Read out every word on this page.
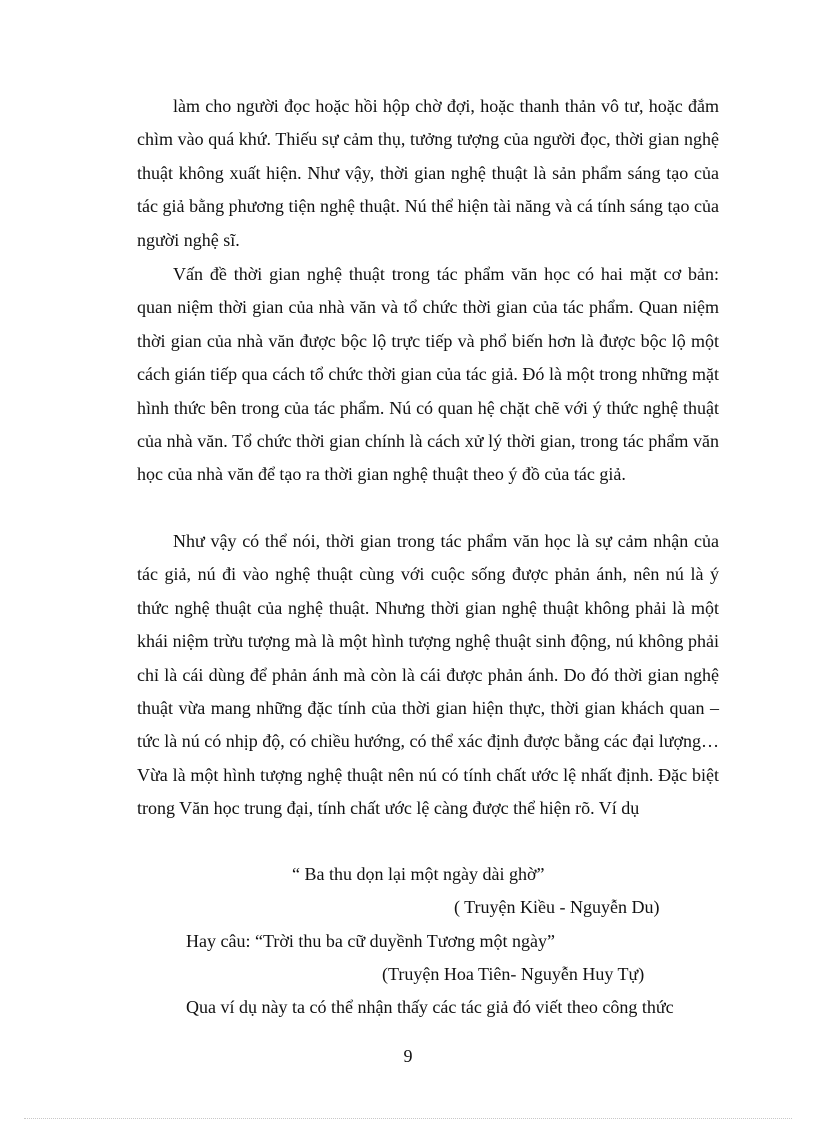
làm cho người đọc hoặc hồi hộp chờ đợi, hoặc thanh thản vô tư, hoặc đắm chìm vào quá khứ. Thiếu sự cảm thụ, tưởng tượng của người đọc, thời gian nghệ thuật không xuất hiện. Như vậy, thời gian nghệ thuật là sản phẩm sáng tạo của tác giả bằng phương tiện nghệ thuật. Nú thể hiện tài năng và cá tính sáng tạo của người nghệ sĩ.

Vấn đề thời gian nghệ thuật trong tác phẩm văn học có hai mặt cơ bản: quan niệm thời gian của nhà văn và tổ chức thời gian của tác phẩm. Quan niệm thời gian của nhà văn được bộc lộ trực tiếp và phổ biến hơn là được bộc lộ một cách gián tiếp qua cách tổ chức thời gian của tác giả. Đó là một trong những mặt hình thức bên trong của tác phẩm. Nú có quan hệ chặt chẽ với ý thức nghệ thuật của nhà văn. Tổ chức thời gian chính là cách xử lý thời gian, trong tác phẩm văn học của nhà văn để tạo ra thời gian nghệ thuật theo ý đồ của tác giả.

Như vậy có thể nói, thời gian trong tác phẩm văn học là sự cảm nhận của tác giả, nú đi vào nghệ thuật cùng với cuộc sống được phản ánh, nên nú là ý thức nghệ thuật của nghệ thuật. Nhưng thời gian nghệ thuật không phải là một khái niệm trừu tượng mà là một hình tượng nghệ thuật sinh động, nú không phải chỉ là cái dùng để phản ánh mà còn là cái được phản ánh. Do đó thời gian nghệ thuật vừa mang những đặc tính của thời gian hiện thực, thời gian khách quan – tức là nú có nhịp độ, có chiều hướng, có thể xác định được bằng các đại lượng…Vừa là một hình tượng nghệ thuật nên nú có tính chất ước lệ nhất định. Đặc biệt trong Văn học trung đại, tính chất ước lệ càng được thể hiện rõ. Ví dụ

“ Ba thu dọn lại một ngày dài ghờ”
( Truyện Kiều - Nguyễn Du)
Hay câu: “Trời thu ba cữ duyềnh Tương một ngày”
(Truyện Hoa Tiên- Nguyễn Huy Tự)
Qua ví dụ này ta có thể nhận thấy các tác giả đó viết theo công thức
9
